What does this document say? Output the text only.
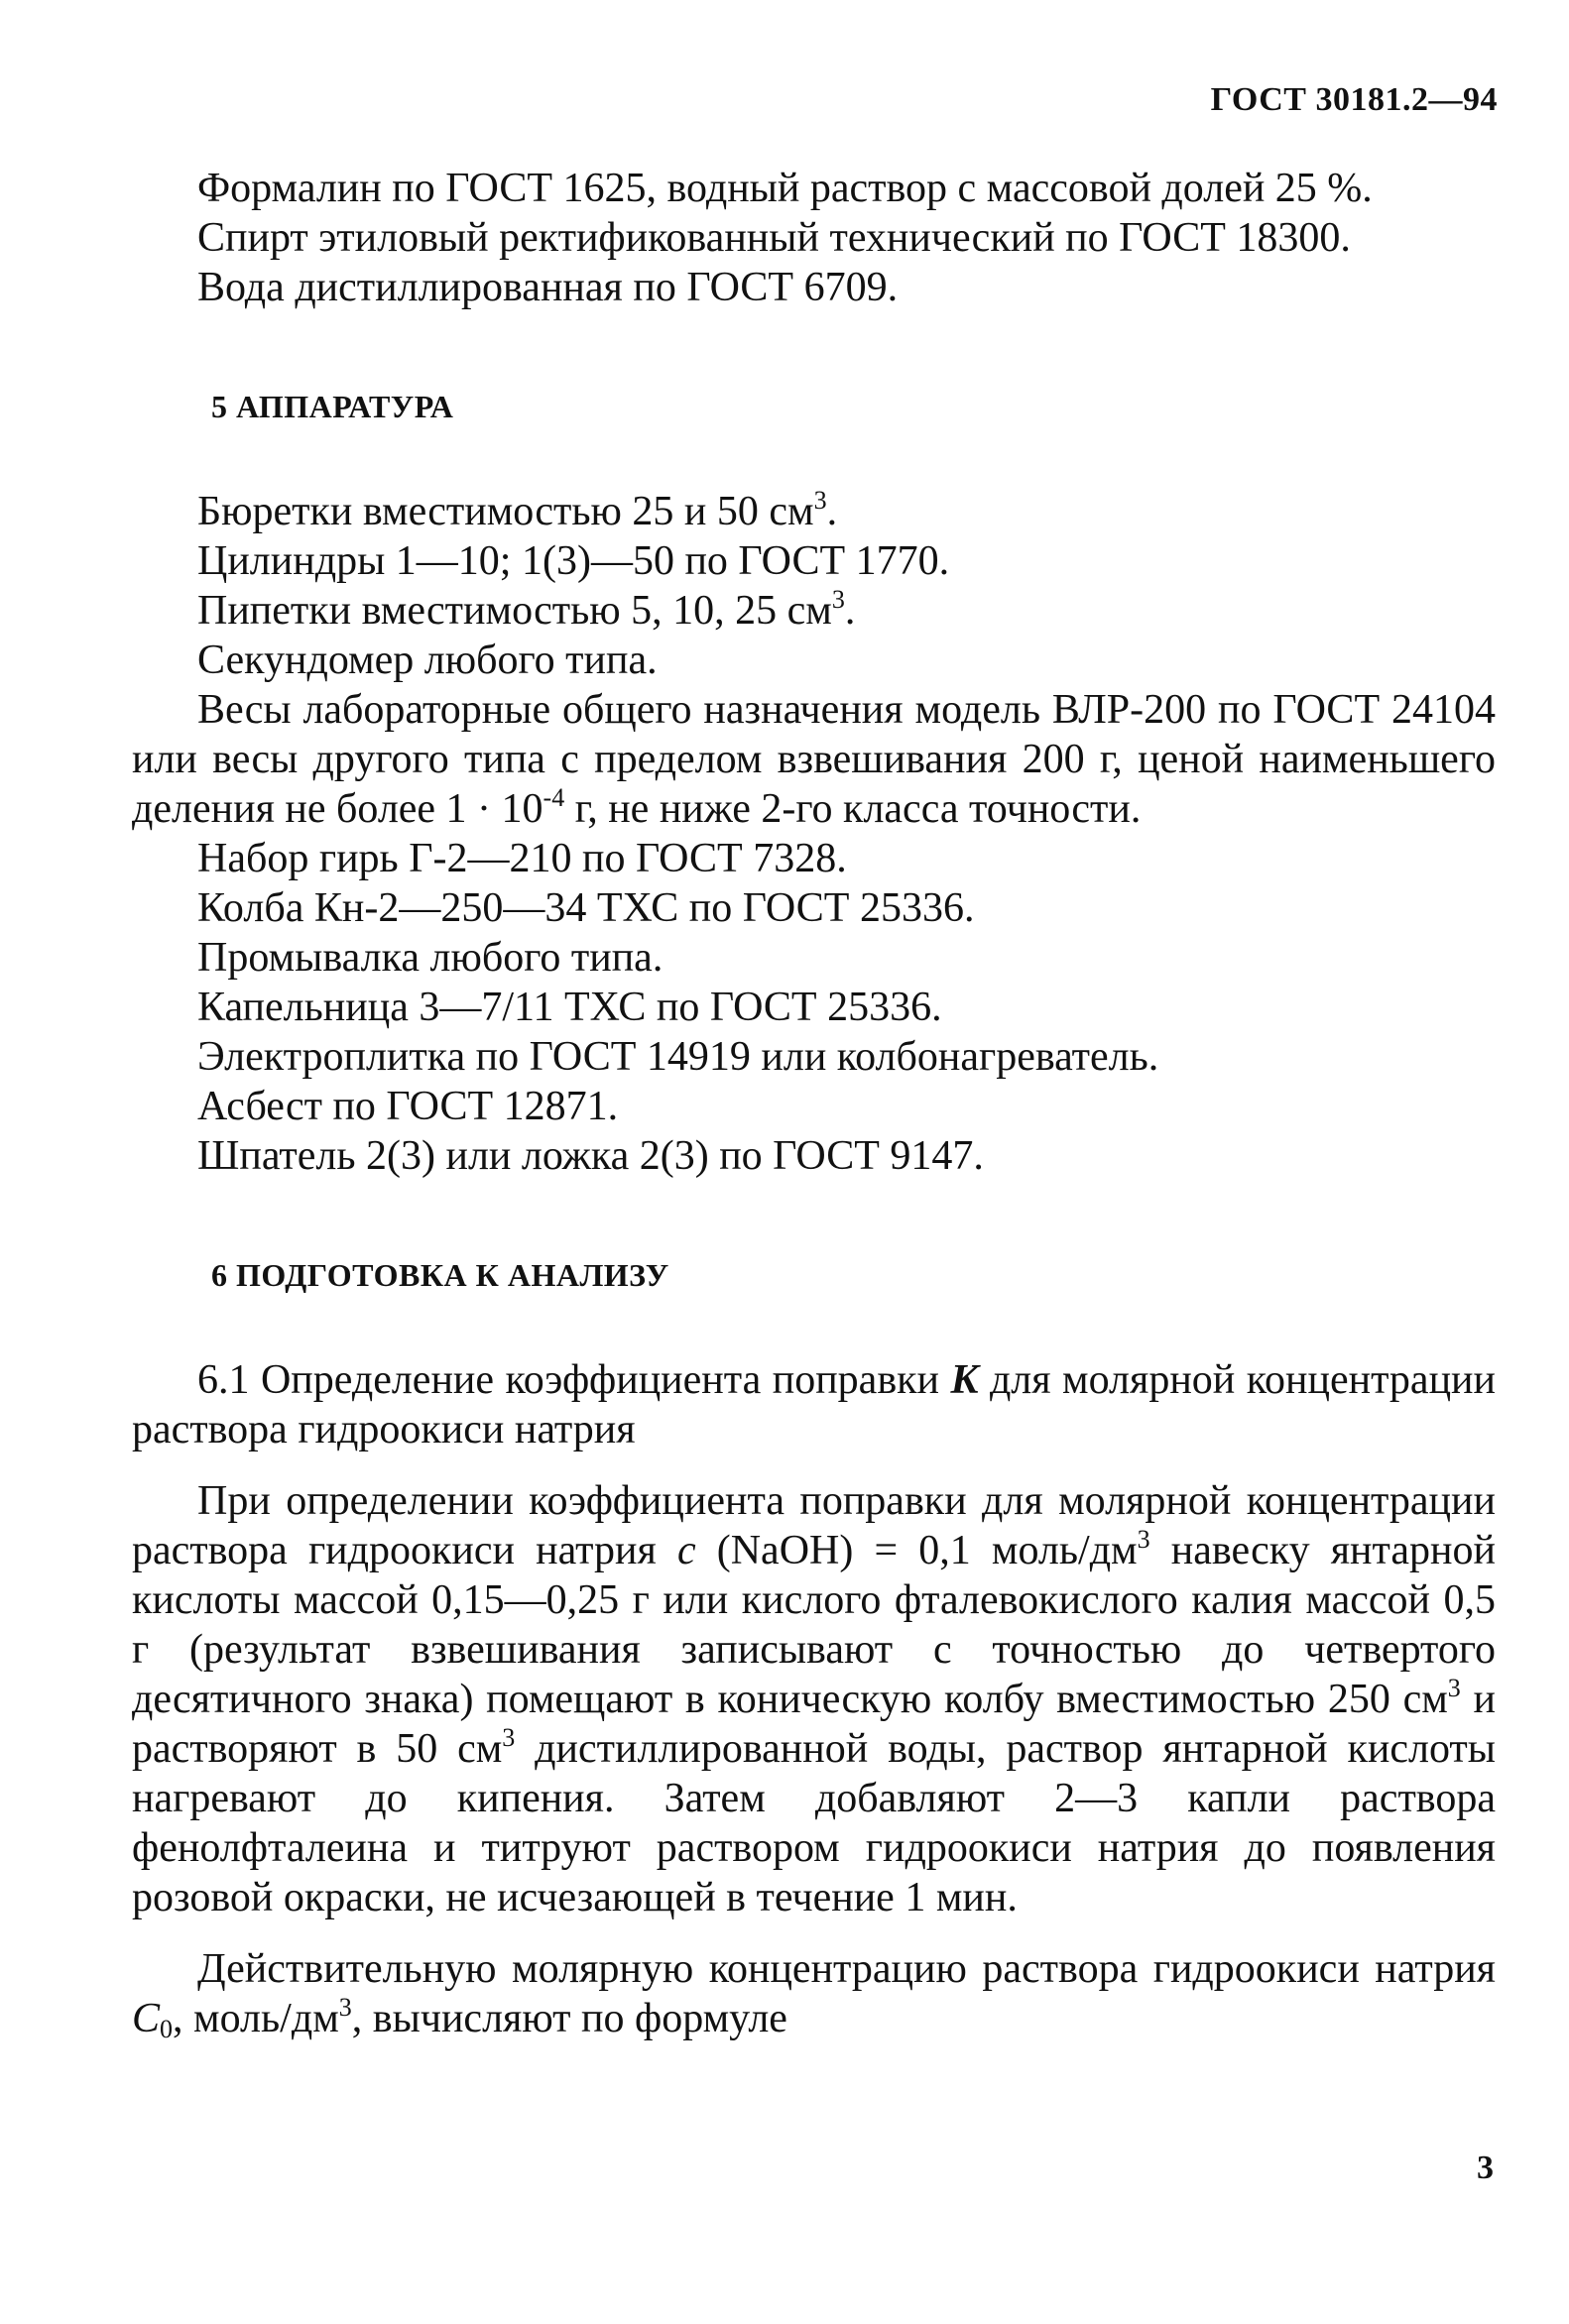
ГОСТ 30181.2—94

Формалин по ГОСТ 1625, водный раствор с массовой долей 25 %.

Спирт этиловый ректификованный технический по ГОСТ 18300.

Вода дистиллированная по ГОСТ 6709.

5 АППАРАТУРА

Бюретки вместимостью 25 и 50 $см^3$.

Цилиндры 1—10; 1(3)—50 по ГОСТ 1770.

Пипетки вместимостью 5, 10, 25 $см^3$.

Секундомер любого типа.

Весы лабораторные общего назначения модель ВЛР-200 по ГОСТ 24104 или весы другого типа с пределом взвешивания 200 г, ценой наименьшего деления не более $1 \cdot 10^{-4}$ г, не ниже 2-го класса точности.

Набор гирь Г-2—210 по ГОСТ 7328.

Колба Кн-2—250—34 ТХС по ГОСТ 25336.

Промывалка любого типа.

Капельница 3—7/11 ТХС по ГОСТ 25336.

Электроплитка по ГОСТ 14919 или колбонагреватель.

Асбест по ГОСТ 12871.

Шпатель 2(3) или ложка 2(3) по ГОСТ 9147.

6 ПОДГОТОВКА К АНАЛИЗУ

6.1 Определение коэффициента поправки K для молярной концентрации раствора гидроокиси натрия

При определении коэффициента поправки для молярной концентрации раствора гидроокиси натрия c (NaOH) = 0,1 моль/$дм^3$ навеску янтарной кислоты массой 0,15—0,25 г или кислого фталевокислого калия массой 0,5 г (результат взвешивания записывают с точностью до четвертого десятичного знака) помещают в коническую колбу вместимостью 250 $см^3$ и растворяют в 50 $см^3$ дистиллированной воды, раствор янтарной кислоты нагревают до кипения. Затем добавляют 2—3 капли раствора фенолфталеина и титруют раствором гидроокиси натрия до появления розовой окраски, не исчезающей в течение 1 мин.

Действительную молярную концентрацию раствора гидроокиси натрия $C_0$, моль/$дм^3$, вычисляют по формуле

3
